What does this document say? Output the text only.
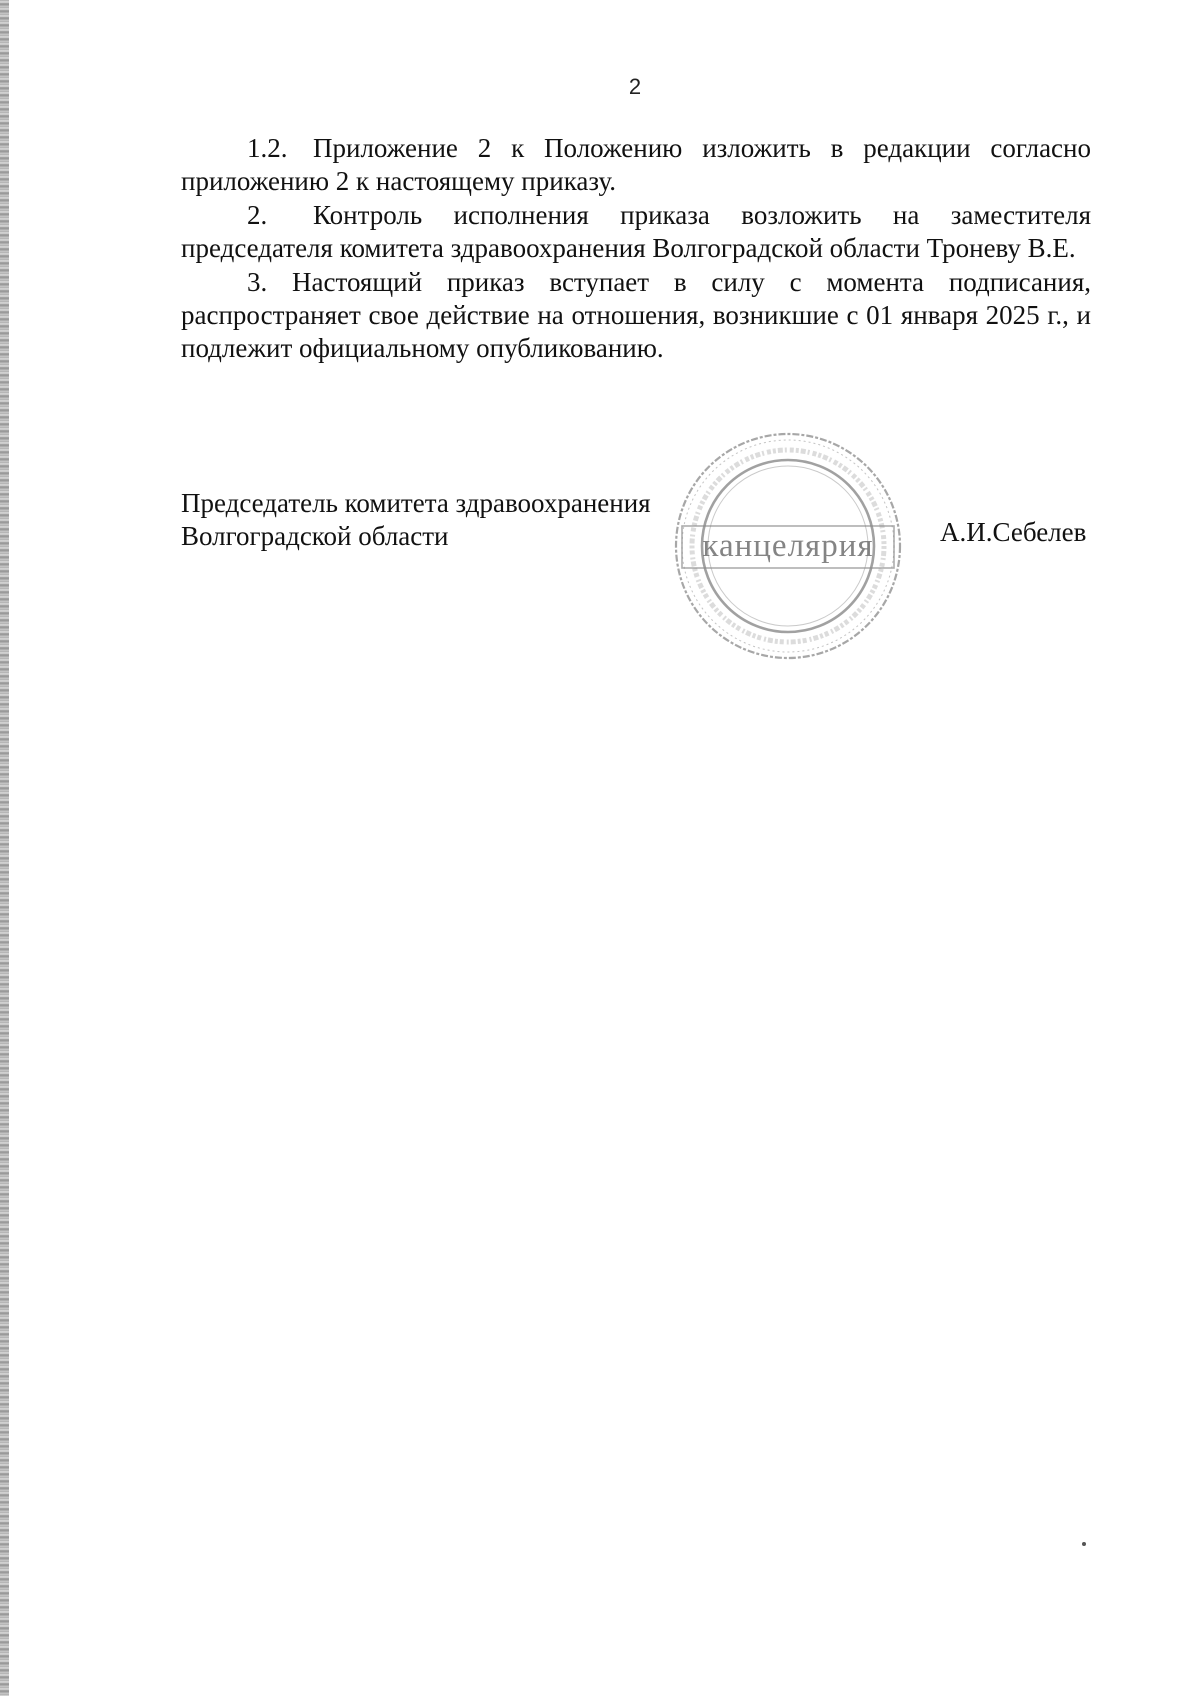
2

1.2. Приложение 2 к Положению изложить в редакции согласно приложению 2 к настоящему приказу.

2. Контроль исполнения приказа возложить на заместителя председателя комитета здравоохранения Волгоградской области Троневу В.Е.

3. Настоящий приказ вступает в силу с момента подписания, распространяет свое действие на отношения, возникшие с 01 января 2025 г., и подлежит официальному опубликованию.

Председатель комитета здравоохранения
Волгоградской области	А.И.Себелев
канцелярия
